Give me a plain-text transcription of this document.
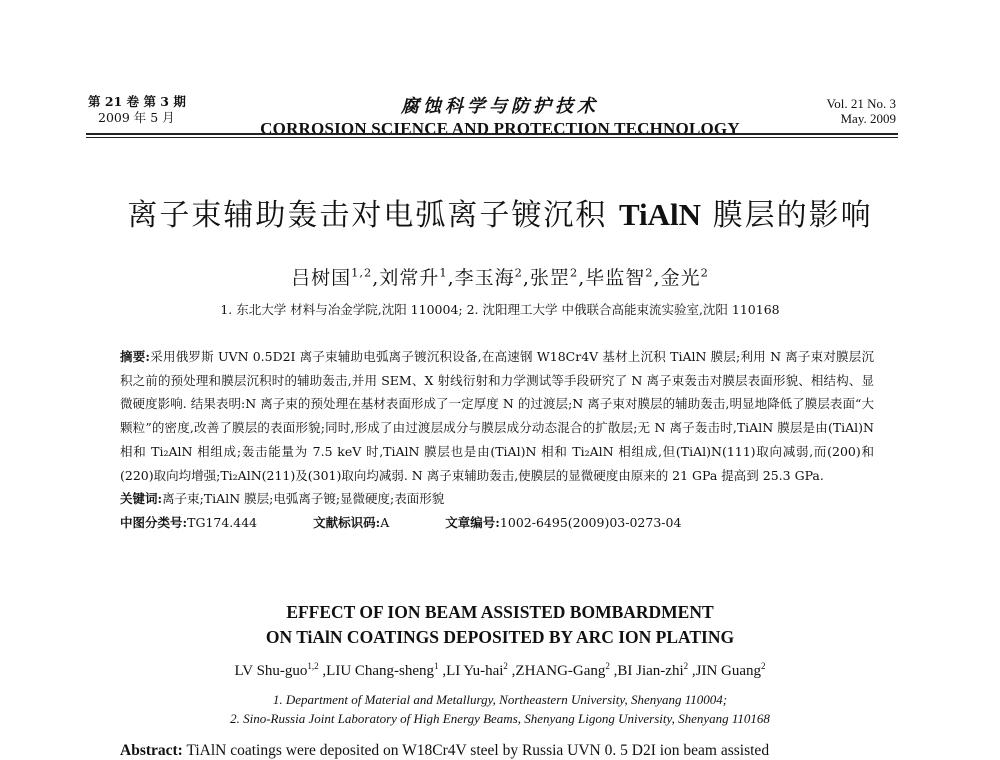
第 21 卷 第 3 期
2009 年 5 月
腐蚀科学与防护技术
CORROSION SCIENCE AND PROTECTION TECHNOLOGY
Vol. 21 No. 3
May. 2009
离子束辅助轰击对电弧离子镀沉积 TiAlN 膜层的影响
吕树国$^{1,2}$,刘常升$^1$,李玉海$^2$,张罡$^2$,毕监智$^2$,金光$^2$
1. 东北大学 材料与冶金学院,沈阳 110004; 2. 沈阳理工大学 中俄联合高能束流实验室,沈阳 110168

摘要:采用俄罗斯 UVN 0.5D2I 离子束辅助电弧离子镀沉积设备,在高速钢 W18Cr4V 基材上沉积 TiAlN 膜层;利用 N 离子束对膜层沉积之前的预处理和膜层沉积时的辅助轰击,并用 SEM、X 射线衍射和力学测试等手段研究了 N 离子束轰击对膜层表面形貌、相结构、显微硬度影响. 结果表明:N 离子束的预处理在基材表面形成了一定厚度 N 的过渡层;N 离子束对膜层的辅助轰击,明显地降低了膜层表面“大颗粒”的密度,改善了膜层的表面形貌;同时,形成了由过渡层成分与膜层成分动态混合的扩散层;无 N 离子轰击时,TiAlN 膜层是由(TiAl)N 相和 Ti₂AlN 相组成;轰击能量为 7.5 keV 时,TiAlN 膜层也是由(TiAl)N 相和 Ti₂AlN 相组成,但(TiAl)N(111)取向减弱,而(200)和(220)取向均增强;Ti₂AlN(211)及(301)取向均减弱. N 离子束辅助轰击,使膜层的显微硬度由原来的 21 GPa 提高到 25.3 GPa.

关键词:离子束;TiAlN 膜层;电弧离子镀;显微硬度;表面形貌

中图分类号:TG174.444	文献标识码:A	文章编号:1002-6495(2009)03-0273-04

EFFECT OF ION BEAM ASSISTED BOMBARDMENT
ON TiAlN COATINGS DEPOSITED BY ARC ION PLATING
LV Shu-guo$^{1,2}$ ,LIU Chang-sheng$^1$ ,LI Yu-hai$^2$ ,ZHANG-Gang$^2$ ,BI Jian-zhi$^2$ ,JIN Guang$^2$
1. Department of Material and Metallurgy, Northeastern University, Shenyang 110004;
2. Sino-Russia Joint Laboratory of High Energy Beams, Shenyang Ligong University, Shenyang 110168
Abstract: TiAlN coatings were deposited on W18Cr4V steel by Russia UVN 0. 5 D2I ion beam assisted
